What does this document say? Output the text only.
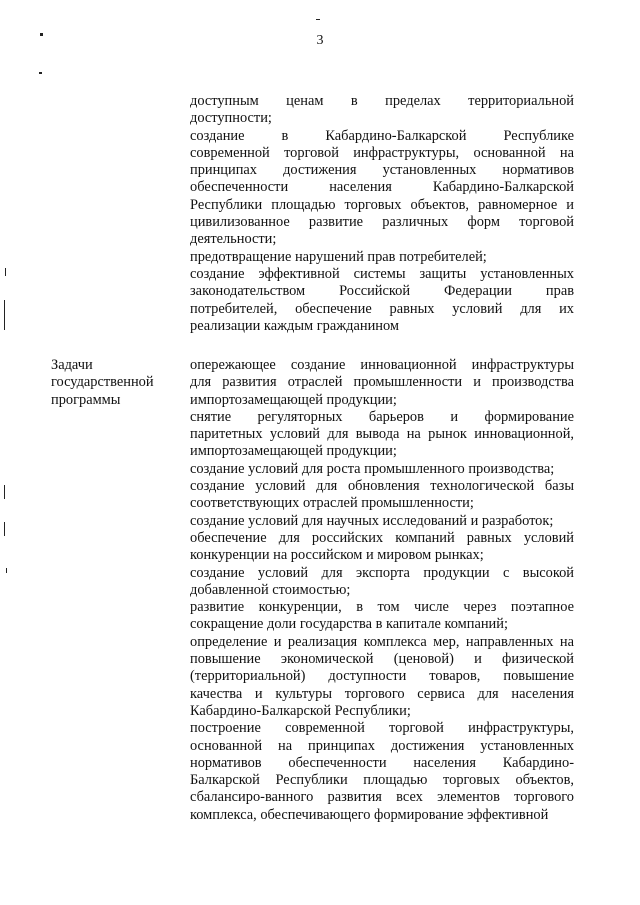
3
доступным ценам в пределах территориальной
доступности;
создание в Кабардино-Балкарской Республике
современной торговой инфраструктуры, основанной на
принципах достижения установленных нормативов
обеспеченности населения Кабардино-Балкарской
Республики площадью торговых объектов, равномерное и
цивилизованное развитие различных форм торговой
деятельности;
предотвращение нарушений прав потребителей;
создание эффективной системы защиты установленных
законодательством Российской Федерации прав
потребителей, обеспечение равных условий для их
реализации каждым гражданином
Задачи
государственной
программы
опережающее создание инновационной инфраструктуры
для развития отраслей промышленности и производства
импортозамещающей продукции;
снятие регуляторных барьеров и формирование
паритетных условий для вывода на рынок инновационной,
импортозамещающей продукции;
создание условий для роста промышленного производства;
создание условий для обновления технологической базы
соответствующих отраслей промышленности;
создание условий для научных исследований и разработок;
обеспечение для российских компаний равных условий
конкуренции на российском и мировом рынках;
создание условий для экспорта продукции с высокой
добавленной стоимостью;
развитие конкуренции, в том числе через поэтапное
сокращение доли государства в капитале компаний;
определение и реализация комплекса мер, направленных на
повышение экономической (ценовой) и физической
(территориальной) доступности товаров, повышение
качества и культуры торгового сервиса для населения
Кабардино-Балкарской Республики;
построение современной торговой инфраструктуры,
основанной на принципах достижения установленных
нормативов обеспеченности населения Кабардино-
Балкарской Республики площадью торговых объектов,
сбалансиро-ванного развития всех элементов торгового
комплекса, обеспечивающего формирование эффективной
